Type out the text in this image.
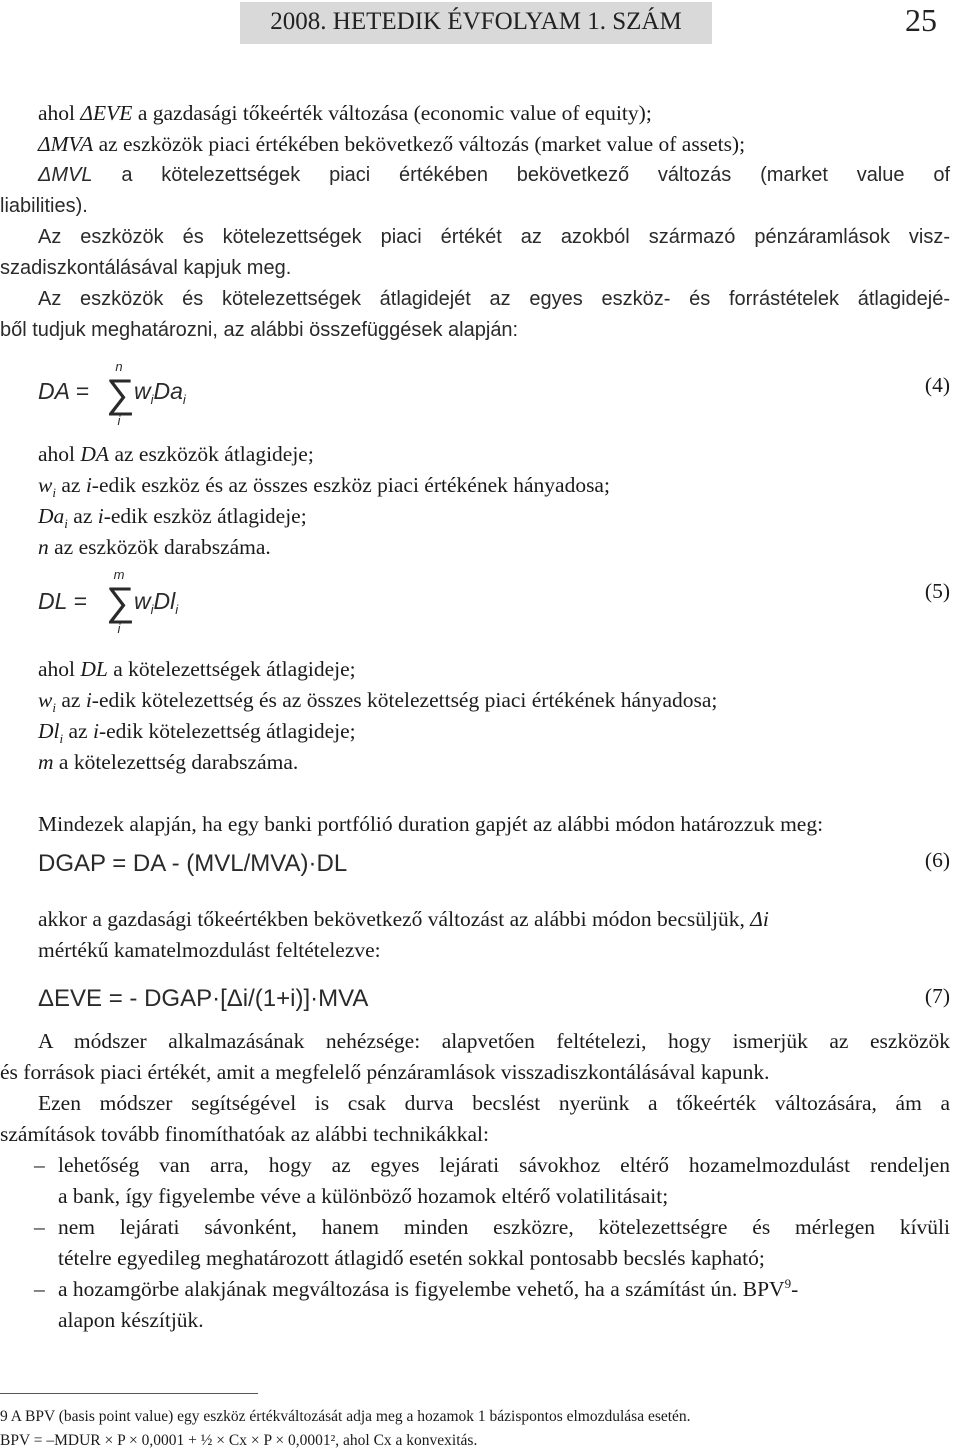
2008. HETEDIK ÉVFOLYAM 1. SZÁM	25
ahol ΔEVE a gazdasági tőkeérték változása (economic value of equity);
ΔMVA az eszközök piaci értékében bekövetkező változás (market value of assets);
ΔMVL a kötelezettségek piaci értékében bekövetkező változás (market value of
liabilities).
Az eszközök és kötelezettségek piaci értékét az azokból származó pénzáramlások visz-
szadiszkontálásával kapjuk meg.
Az eszközök és kötelezettségek átlagidejét az egyes eszköz- és forrástételek átlagidejé-
ből tudjuk meghatározni, az alábbi összefüggések alapján:
DA =
n
∑
i
$w_iDa_i$
(4)
ahol DA az eszközök átlagideje;
$w_i$ az i-edik eszköz és az összes eszköz piaci értékének hányadosa;
$Da_i$ az i-edik eszköz átlagideje;
n az eszközök darabszáma.
DL =
m
∑
i
$w_iDl_i$
(5)
ahol DL a kötelezettségek átlagideje;
$w_i$ az i-edik kötelezettség és az összes kötelezettség piaci értékének hányadosa;
$Dl_i$ az i-edik kötelezettség átlagideje;
m a kötelezettség darabszáma.
Mindezek alapján, ha egy banki portfólió duration gapjét az alábbi módon határozzuk meg:
DGAP = DA - (MVL/MVA)·DL	(6)
akkor a gazdasági tőkeértékben bekövetkező változást az alábbi módon becsüljük, Δi
mértékű kamatelmozdulást feltételezve:
ΔEVE = - DGAP·[Δi/(1+i)]·MVA	(7)
A módszer alkalmazásának nehézsége: alapvetően feltételezi, hogy ismerjük az eszközök
és források piaci értékét, amit a megfelelő pénzáramlások visszadiszkontálásával kapunk.
Ezen módszer segítségével is csak durva becslést nyerünk a tőkeérték változására, ám a
számítások tovább finomíthatóak az alábbi technikákkal:
– lehetőség van arra, hogy az egyes lejárati sávokhoz eltérő hozamelmozdulást rendeljen
a bank, így figyelembe véve a különböző hozamok eltérő volatilitásait;
– nem lejárati sávonként, hanem minden eszközre, kötelezettségre és mérlegen kívüli
tételre egyedileg meghatározott átlagidő esetén sokkal pontosabb becslés kapható;
– a hozamgörbe alakjának megváltozása is figyelembe vehető, ha a számítást ún. BPV$^9$-
alapon készítjük.
9 A BPV (basis point value) egy eszköz értékváltozását adja meg a hozamok 1 bázispontos elmozdulása esetén.
BPV = –MDUR × P × 0,0001 + ½ × Cx × P × 0,0001², ahol Cx a konvexitás.
